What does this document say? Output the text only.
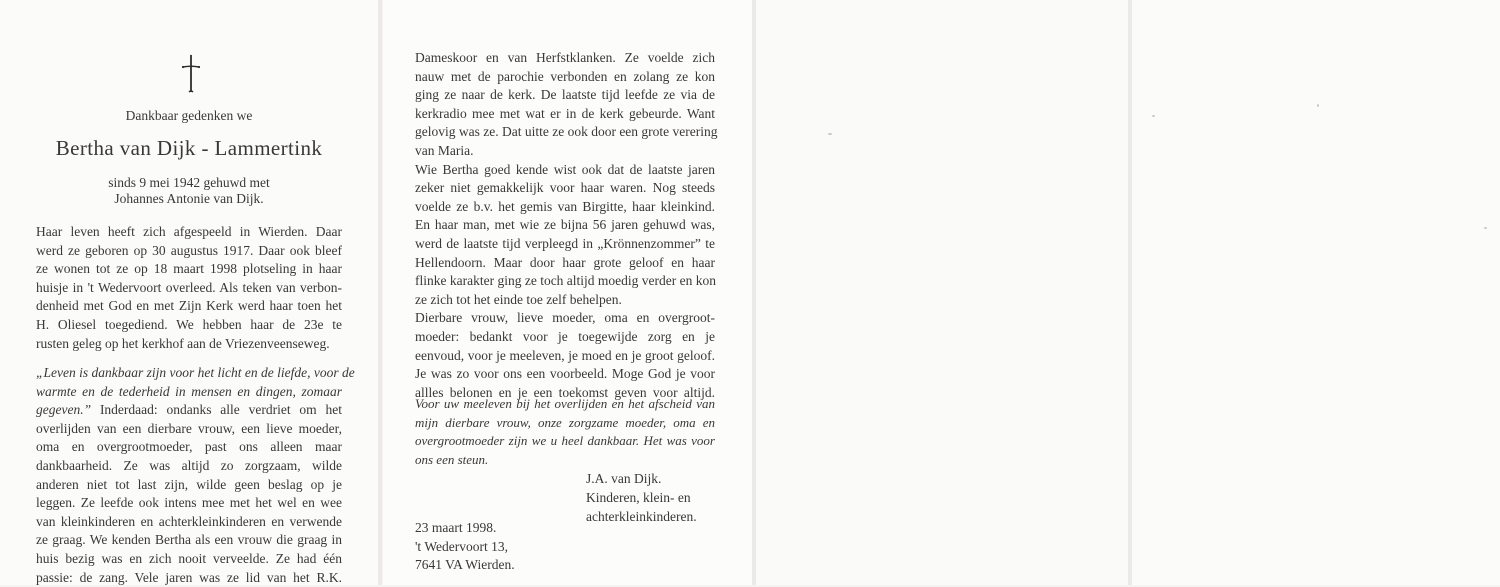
Dankbaar gedenken we
Bertha van Dijk - Lammertink
sinds 9 mei 1942 gehuwd met
Johannes Antonie van Dijk.
Haar leven heeft zich afgespeeld in Wierden. Daar
werd ze geboren op 30 augustus 1917. Daar ook bleef
ze wonen tot ze op 18 maart 1998 plotseling in haar
huisje in 't Wedervoort overleed. Als teken van verbon-
denheid met God en met Zijn Kerk werd haar toen het
H. Oliesel toegediend. We hebben haar de 23e te
rusten geleg op het kerkhof aan de Vriezenveenseweg.
„Leven is dankbaar zijn voor het licht en de liefde, voor de
warmte en de tederheid in mensen en dingen, zomaar
gegeven.” Inderdaad: ondanks alle verdriet om het
overlijden van een dierbare vrouw, een lieve moeder,
oma en overgrootmoeder, past ons alleen maar
dankbaarheid. Ze was altijd zo zorgzaam, wilde
anderen niet tot last zijn, wilde geen beslag op je
leggen. Ze leefde ook intens mee met het wel en wee
van kleinkinderen en achterkleinkinderen en verwende
ze graag. We kenden Bertha als een vrouw die graag in
huis bezig was en zich nooit verveelde. Ze had één
passie: de zang. Vele jaren was ze lid van het R.K.
Dameskoor en van Herfstklanken. Ze voelde zich
nauw met de parochie verbonden en zolang ze kon
ging ze naar de kerk. De laatste tijd leefde ze via de
kerkradio mee met wat er in de kerk gebeurde. Want
gelovig was ze. Dat uitte ze ook door een grote verering
van Maria.
Wie Bertha goed kende wist ook dat de laatste jaren
zeker niet gemakkelijk voor haar waren. Nog steeds
voelde ze b.v. het gemis van Birgitte, haar kleinkind.
En haar man, met wie ze bijna 56 jaren gehuwd was,
werd de laatste tijd verpleegd in „Krönnenzommer” te
Hellendoorn. Maar door haar grote geloof en haar
flinke karakter ging ze toch altijd moedig verder en kon
ze zich tot het einde toe zelf behelpen.
Dierbare vrouw, lieve moeder, oma en overgroot-
moeder: bedankt voor je toegewijde zorg en je
eenvoud, voor je meeleven, je moed en je groot geloof.
Je was zo voor ons een voorbeeld. Moge God je voor
allles belonen en je een toekomst geven voor altijd.
Voor uw meeleven bij het overlijden en het afscheid van
mijn dierbare vrouw, onze zorgzame moeder, oma en
overgrootmoeder zijn we u heel dankbaar. Het was voor
ons een steun.
J.A. van Dijk.
Kinderen, klein- en
achterkleinkinderen.
23 maart 1998.
't Wedervoort 13,
7641 VA Wierden.
